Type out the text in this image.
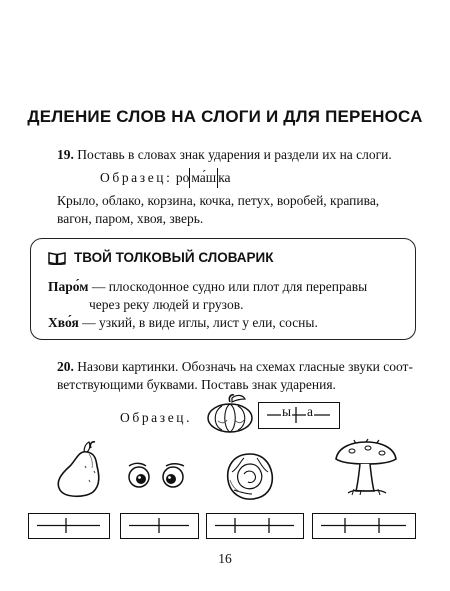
ДЕЛЕНИЕ СЛОВ НА СЛОГИ И ДЛЯ ПЕРЕНОСА
19. Поставь в словах знак ударения и раздели их на слоги.
Образец: ро ма́ш ка
Крыло, облако, корзина, кочка, петух, воробей, крапива,
вагон, паром, хвоя, зверь.
ТВОЙ ТОЛКОВЫЙ СЛОВАРИК
Паро́м — плоскодонное судно или плот для переправы
через реку людей и грузов.
Хво́я — узкий, в виде иглы, лист у ели, сосны.
20. Назови картинки. Обозначь на схемах гласные звуки соот-
ветствующими буквами. Поставь знак ударения.
Образец.	ы а
16
